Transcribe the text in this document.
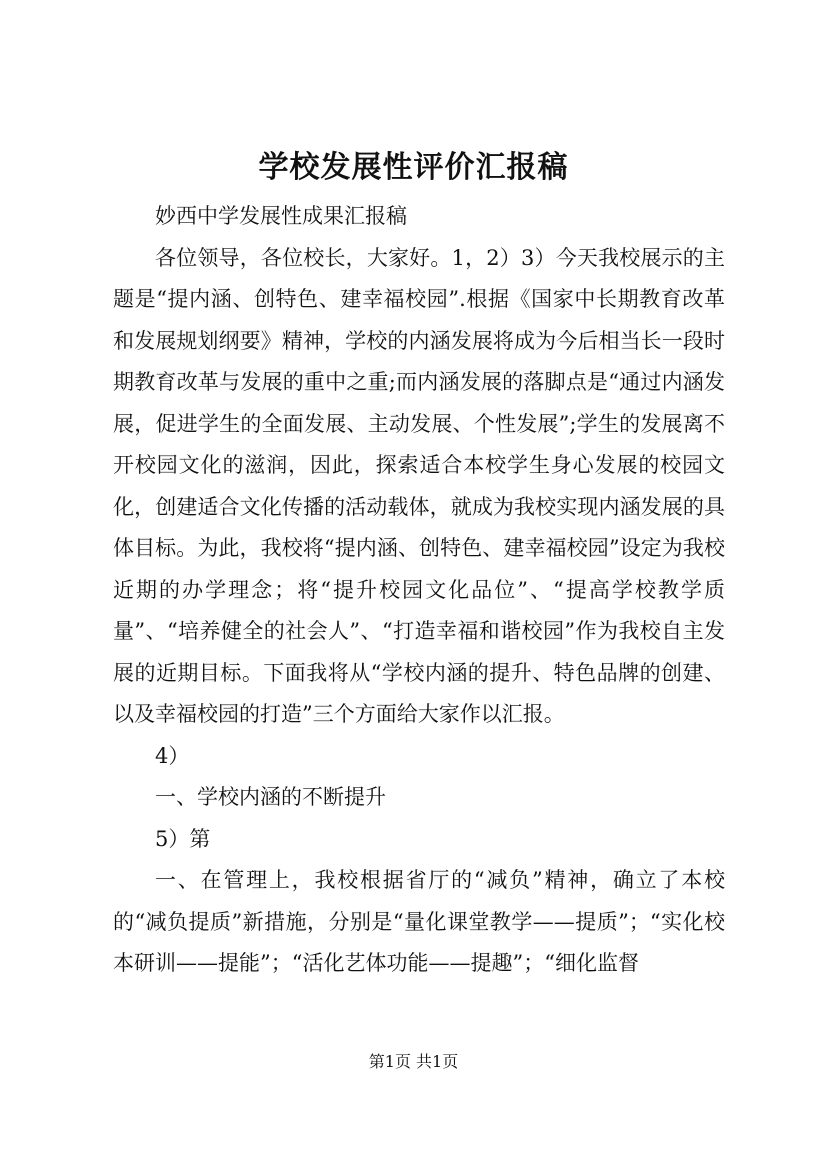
学校发展性评价汇报稿

妙西中学发展性成果汇报稿

各位领导，各位校长，大家好。1，2）3）今天我校展示的主题是“提内涵、创特色、建幸福校园”.根据《国家中长期教育改革和发展规划纲要》精神，学校的内涵发展将成为今后相当长一段时期教育改革与发展的重中之重;而内涵发展的落脚点是“通过内涵发展，促进学生的全面发展、主动发展、个性发展”;学生的发展离不开校园文化的滋润，因此，探索适合本校学生身心发展的校园文化，创建适合文化传播的活动载体，就成为我校实现内涵发展的具体目标。为此，我校将“提内涵、创特色、建幸福校园”设定为我校近期的办学理念；将“提升校园文化品位”、“提高学校教学质量”、“培养健全的社会人”、“打造幸福和谐校园”作为我校自主发展的近期目标。下面我将从“学校内涵的提升、特色品牌的创建、以及幸福校园的打造”三个方面给大家作以汇报。

4）

一、学校内涵的不断提升

5）第

一、在管理上，我校根据省厅的“减负”精神，确立了本校的“减负提质”新措施，分别是“量化课堂教学——提质”；“实化校本研训——提能”；“活化艺体功能——提趣”；“细化监督

第1页 共1页
